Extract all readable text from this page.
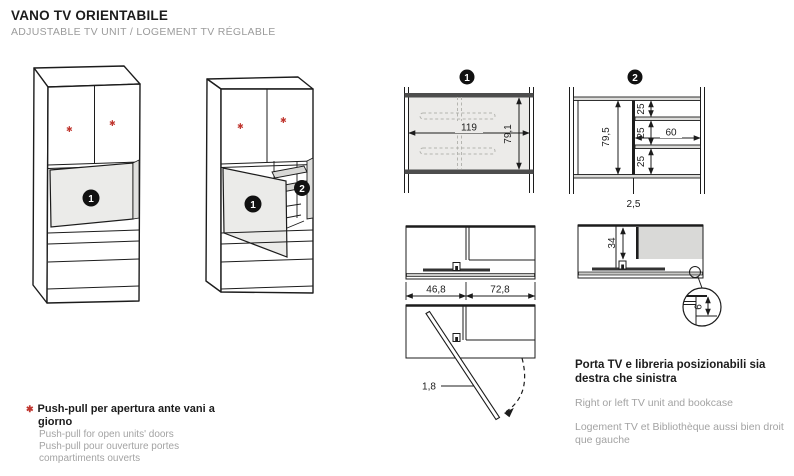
VANO TV ORIENTABILE
ADJUSTABLE TV UNIT / LOGEMENT TV RÉGLABLE
✱
✱
1
✱
✱
2
1
1
119	79,1
2
79,5
25
25
25
60
2,5
46,8	72,8
1,8
34
6
✱ Push-pull per apertura ante vani a giorno
Push-pull for open units' doors
Push-pull pour ouverture portes compartiments ouverts
Porta TV e libreria posizionabili sia destra che sinistra
Right or left TV unit and bookcase
Logement TV et Bibliothèque aussi bien droit que gauche
